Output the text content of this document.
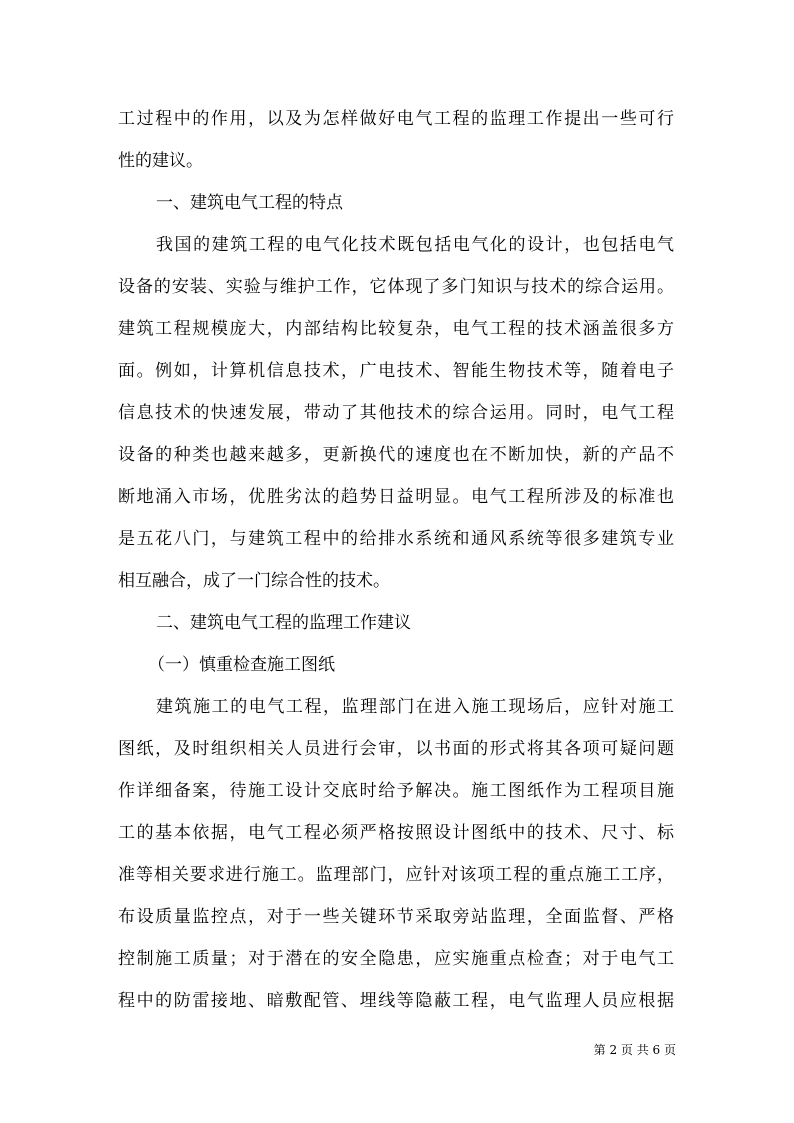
工过程中的作用，以及为怎样做好电气工程的监理工作提出一些可行
性的建议。
一、建筑电气工程的特点
我国的建筑工程的电气化技术既包括电气化的设计，也包括电气
设备的安装、实验与维护工作，它体现了多门知识与技术的综合运用。
建筑工程规模庞大，内部结构比较复杂，电气工程的技术涵盖很多方
面。例如，计算机信息技术，广电技术、智能生物技术等，随着电子
信息技术的快速发展，带动了其他技术的综合运用。同时，电气工程
设备的种类也越来越多，更新换代的速度也在不断加快，新的产品不
断地涌入市场，优胜劣汰的趋势日益明显。电气工程所涉及的标准也
是五花八门，与建筑工程中的给排水系统和通风系统等很多建筑专业
相互融合，成了一门综合性的技术。
二、建筑电气工程的监理工作建议
（一）慎重检查施工图纸
建筑施工的电气工程，监理部门在进入施工现场后，应针对施工
图纸，及时组织相关人员进行会审，以书面的形式将其各项可疑问题
作详细备案，待施工设计交底时给予解决。施工图纸作为工程项目施
工的基本依据，电气工程必须严格按照设计图纸中的技术、尺寸、标
准等相关要求进行施工。监理部门，应针对该项工程的重点施工工序，
布设质量监控点，对于一些关键环节采取旁站监理，全面监督、严格
控制施工质量；对于潜在的安全隐患，应实施重点检查；对于电气工
程中的防雷接地、暗敷配管、埋线等隐蔽工程，电气监理人员应根据
第 2 页 共 6 页
